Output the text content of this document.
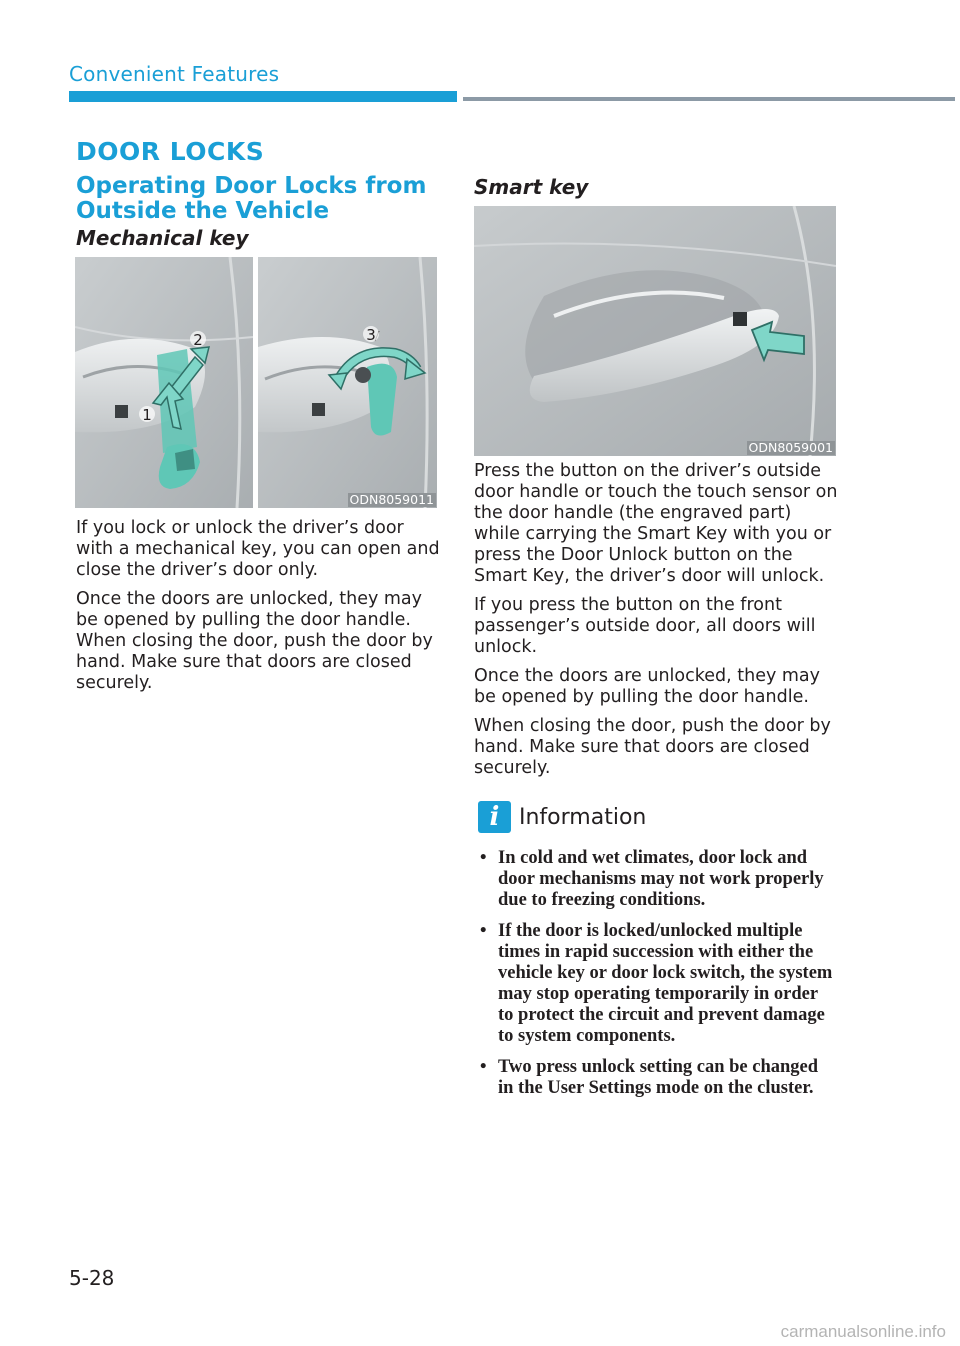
Convenient Features
DOOR LOCKS
Operating Door Locks from Outside the Vehicle
Mechanical key
Smart key
2
1
3
ODN8059011

If you lock or unlock the driver’s door with a mechanical key, you can open and close the driver’s door only.

Once the doors are unlocked, they may be opened by pulling the door handle. When closing the door, push the door by hand. Make sure that doors are closed securely.

ODN8059001

Press the button on the driver’s outside door handle or touch the touch sensor on the door handle (the engraved part) while carrying the Smart Key with you or press the Door Unlock button on the Smart Key, the driver’s door will unlock.

If you press the button on the front passenger’s outside door, all doors will unlock.

Once the doors are unlocked, they may be opened by pulling the door handle.

When closing the door, push the door by hand. Make sure that doors are closed securely.

i Information
• In cold and wet climates, door lock and door mechanisms may not work properly due to freezing conditions.
• If the door is locked/unlocked multiple times in rapid succession with either the vehicle key or door lock switch, the system may stop operating temporarily in order to protect the circuit and prevent damage to system components.
• Two press unlock setting can be changed in the User Settings mode on the cluster.
5-28
carmanualsonline.info
